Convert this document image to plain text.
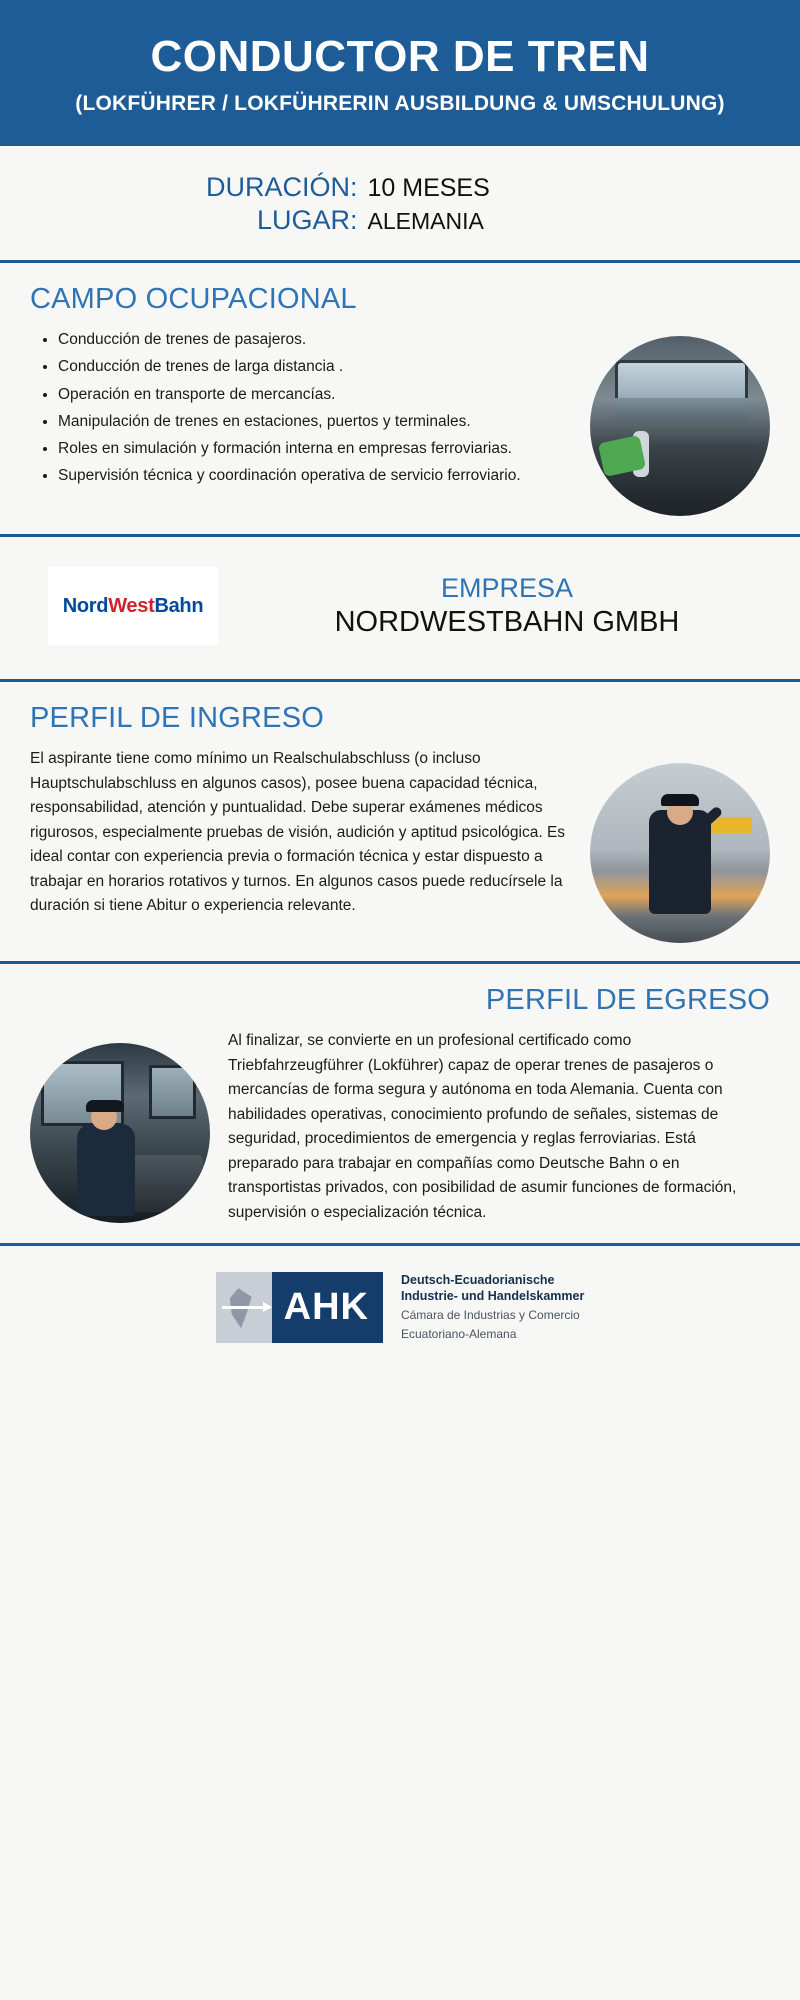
CONDUCTOR DE TREN
(LOKFÜHRER / LOKFÜHRERIN AUSBILDUNG & UMSCHULUNG)
DURACIÓN: 10 MESES
LUGAR: ALEMANIA
CAMPO OCUPACIONAL
• Conducción de trenes de pasajeros.
• Conducción de trenes de larga distancia .
• Operación en transporte de mercancías.
• Manipulación de trenes en estaciones, puertos y terminales.
• Roles en simulación y formación interna en empresas ferroviarias.
• Supervisión técnica y coordinación operativa de servicio ferroviario.
NordWestBahn
EMPRESA
NORDWESTBAHN GMBH
PERFIL DE INGRESO
El aspirante tiene como mínimo un Realschulabschluss (o incluso Hauptschulabschluss en algunos casos), posee buena capacidad técnica, responsabilidad, atención y puntualidad. Debe superar exámenes médicos rigurosos, especialmente pruebas de visión, audición y aptitud psicológica. Es ideal contar con experiencia previa o formación técnica y estar dispuesto a trabajar en horarios rotativos y turnos. En algunos casos puede reducírsele la duración si tiene Abitur o experiencia relevante.
PERFIL DE EGRESO
Al finalizar, se convierte en un profesional certificado como Triebfahrzeugführer (Lokführer) capaz de operar trenes de pasajeros o mercancías de forma segura y autónoma en toda Alemania. Cuenta con habilidades operativas, conocimiento profundo de señales, sistemas de seguridad, procedimientos de emergencia y reglas ferroviarias. Está preparado para trabajar en compañías como Deutsche Bahn o en transportistas privados, con posibilidad de asumir funciones de formación, supervisión o especialización técnica.
AHK
Deutsch-Ecuadorianische
Industrie- und Handelskammer
Cámara de Industrias y Comercio
Ecuatoriano-Alemana
